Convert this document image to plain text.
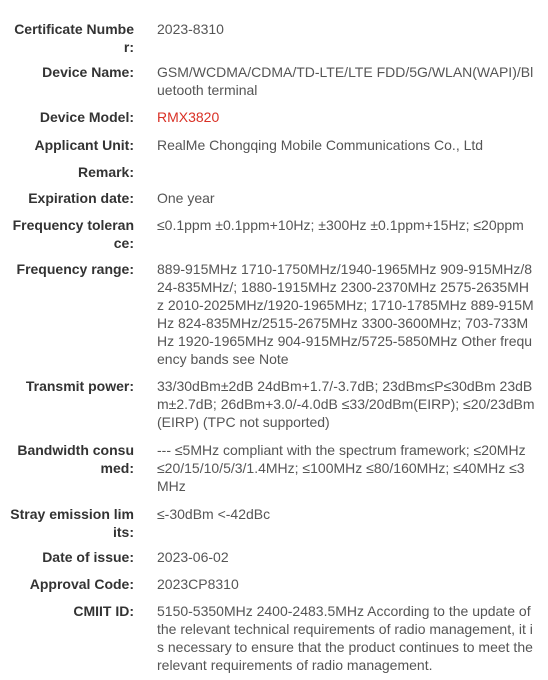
Certificate Number:
2023-8310
Device Name: GSM/WCDMA/CDMA/TD-LTE/LTE FDD/5G/WLAN(WAPI)/Bluetooth terminal
Device Model: RMX3820
Applicant Unit: RealMe Chongqing Mobile Communications Co., Ltd
Remark:
Expiration date: One year
Frequency tolerance:
≤0.1ppm ±0.1ppm+10Hz; ±300Hz ±0.1ppm+15Hz; ≤20ppm
Frequency range: 889-915MHz 1710-1750MHz/1940-1965MHz 909-915MHz/824-835MHz/; 1880-1915MHz 2300-2370MHz 2575-2635MHz 2010-2025MHz/1920-1965MHz; 1710-1785MHz 889-915MHz 824-835MHz/2515-2675MHz 3300-3600MHz; 703-733MHz 1920-1965MHz 904-915MHz/5725-5850MHz Other frequency bands see Note
Transmit power: 33/30dBm±2dB 24dBm+1.7/-3.7dB; 23dBm≤P≤30dBm 23dBm±2.7dB; 26dBm+3.0/-4.0dB ≤33/20dBm(EIRP); ≤20/23dBm (EIRP) (TPC not supported)
Bandwidth consumed:
--- ≤5MHz compliant with the spectrum framework; ≤20MHz ≤20/15/10/5/3/1.4MHz; ≤100MHz ≤80/160MHz; ≤40MHz ≤3MHz
Stray emission limits:
≤-30dBm <-42dBc
Date of issue: 2023-06-02
Approval Code: 2023CP8310
CMIIT ID: 5150-5350MHz 2400-2483.5MHz According to the update of the relevant technical requirements of radio management, it is necessary to ensure that the product continues to meet the relevant requirements of radio management.
